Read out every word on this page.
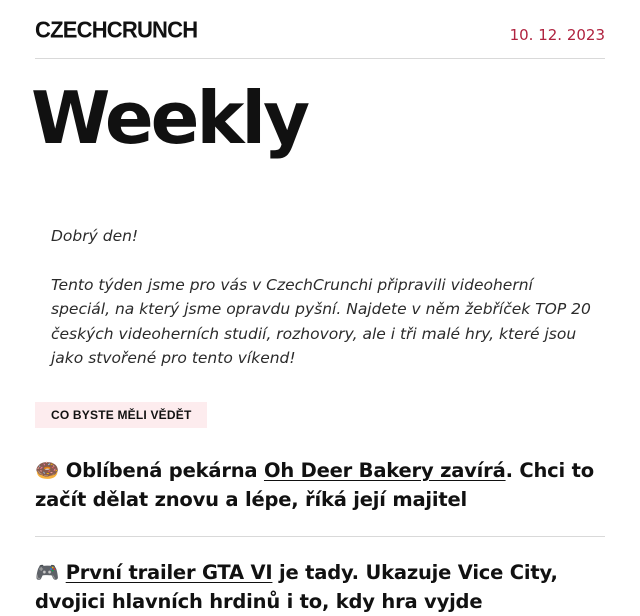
CZECHCRUNCH	10. 12. 2023
Weekly

Dobrý den!

Tento týden jsme pro vás v CzechCrunchi připravili videoherní speciál, na který jsme opravdu pyšní. Najdete v něm žebříček TOP 20 českých videoherních studií, rozhovory, ale i tři malé hry, které jsou jako stvořené pro tento víkend!

CO BYSTE MĚLI VĚDĚT

🍩 Oblíbená pekárna Oh Deer Bakery zavírá. Chci to začít dělat znovu a lépe, říká její majitel

🎮 První trailer GTA VI je tady. Ukazuje Vice City, dvojici hlavních hrdinů i to, kdy hra vyjde
